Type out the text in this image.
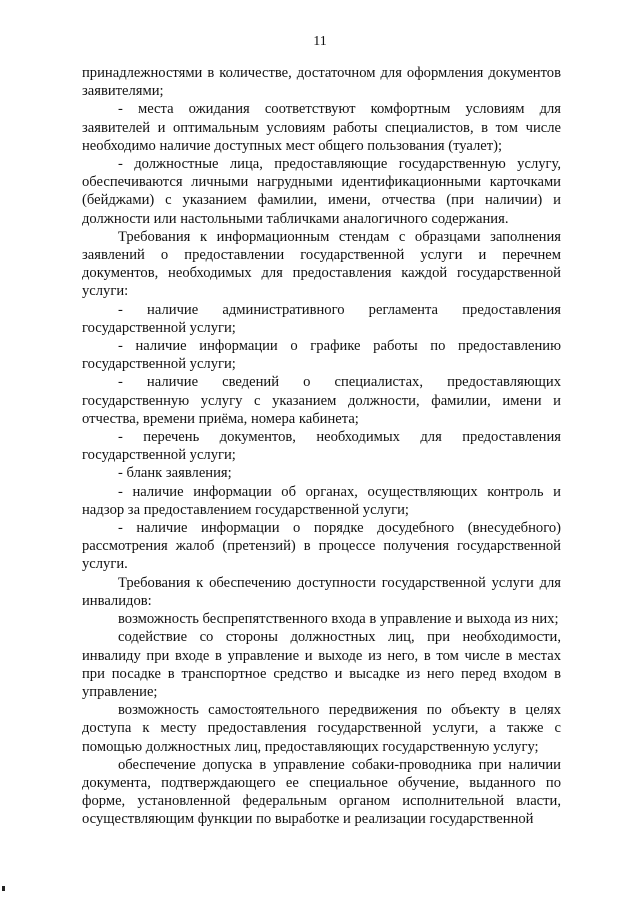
11

принадлежностями в количестве, достаточном для оформления документов заявителями;

- места ожидания соответствуют комфортным условиям для заявителей и оптимальным условиям работы специалистов, в том числе необходимо наличие доступных мест общего пользования (туалет);

- должностные лица, предоставляющие государственную услугу, обеспечиваются личными нагрудными идентификационными карточками (бейджами) с указанием фамилии, имени, отчества (при наличии) и должности или настольными табличками аналогичного содержания.

Требования к информационным стендам с образцами заполнения заявлений о предоставлении государственной услуги и перечнем документов, необходимых для предоставления каждой государственной услуги:

- наличие административного регламента предоставления государственной услуги;

- наличие информации о графике работы по предоставлению государственной услуги;

- наличие сведений о специалистах, предоставляющих государственную услугу с указанием должности, фамилии, имени и отчества, времени приёма, номера кабинета;

- перечень документов, необходимых для предоставления государственной услуги;

- бланк заявления;

- наличие информации об органах, осуществляющих контроль и надзор за предоставлением государственной услуги;

- наличие информации о порядке досудебного (внесудебного) рассмотрения жалоб (претензий) в процессе получения государственной услуги.

Требования к обеспечению доступности государственной услуги для инвалидов:

возможность беспрепятственного входа в управление и выхода из них;

содействие со стороны должностных лиц, при необходимости, инвалиду при входе в управление и выходе из него, в том числе в местах при посадке в транспортное средство и высадке из него перед входом в управление;

возможность самостоятельного передвижения по объекту в целях доступа к месту предоставления государственной услуги, а также с помощью должностных лиц, предоставляющих государственную услугу;

обеспечение допуска в управление собаки-проводника при наличии документа, подтверждающего ее специальное обучение, выданного по форме, установленной федеральным органом исполнительной власти, осуществляющим функции по выработке и реализации государственной
